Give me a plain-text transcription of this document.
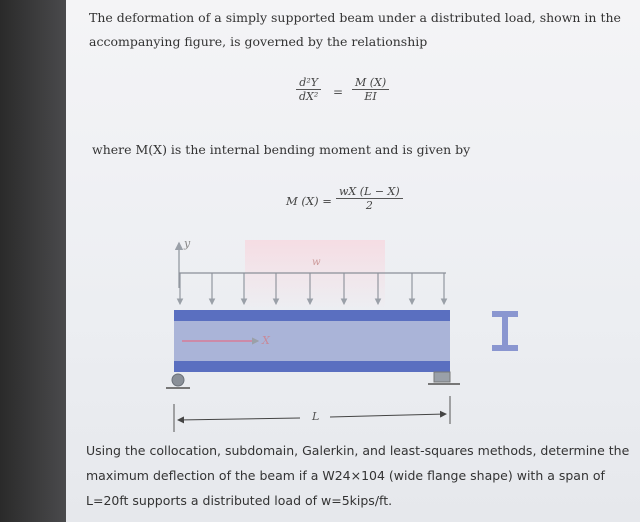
The deformation of a simply supported beam under a distributed load, shown in the
accompanying figure, is governed by the relationship
$\frac{\text{d²Y}}{\text{dX²}} = \frac{M (X)}{EI}$
where M(X) is the internal bending moment and is given by
M $(X) = \frac{wX (L - X)}{2}$
y
w
X
L
Using the collocation, subdomain, Galerkin, and least-squares methods, determine the
maximum deflection of the beam if a W24×104 (wide flange shape) with a span of
L=20ft supports a distributed load of w=5kips/ft.
